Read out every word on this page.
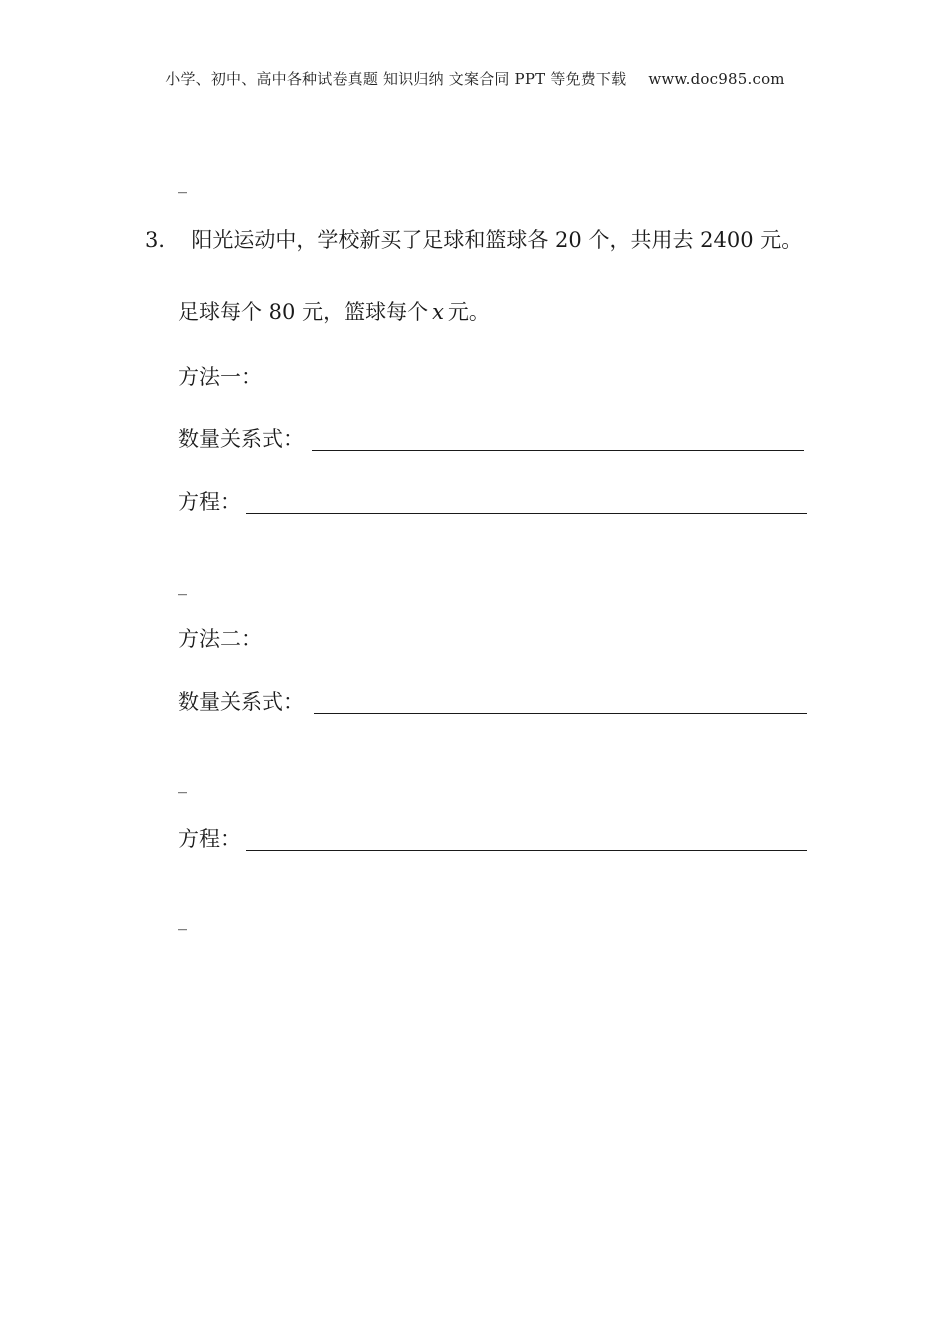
小学、初中、高中各种试卷真题 知识归纳 文案合同 PPT 等免费下载 www.doc985.com
_
3． 阳光运动中，学校新买了足球和篮球各 20 个，共用去 2400 元。
足球每个 80 元，篮球每个 x 元。
方法一：
数量关系式：
方程：
_
方法二：
数量关系式：
_
方程：
_
